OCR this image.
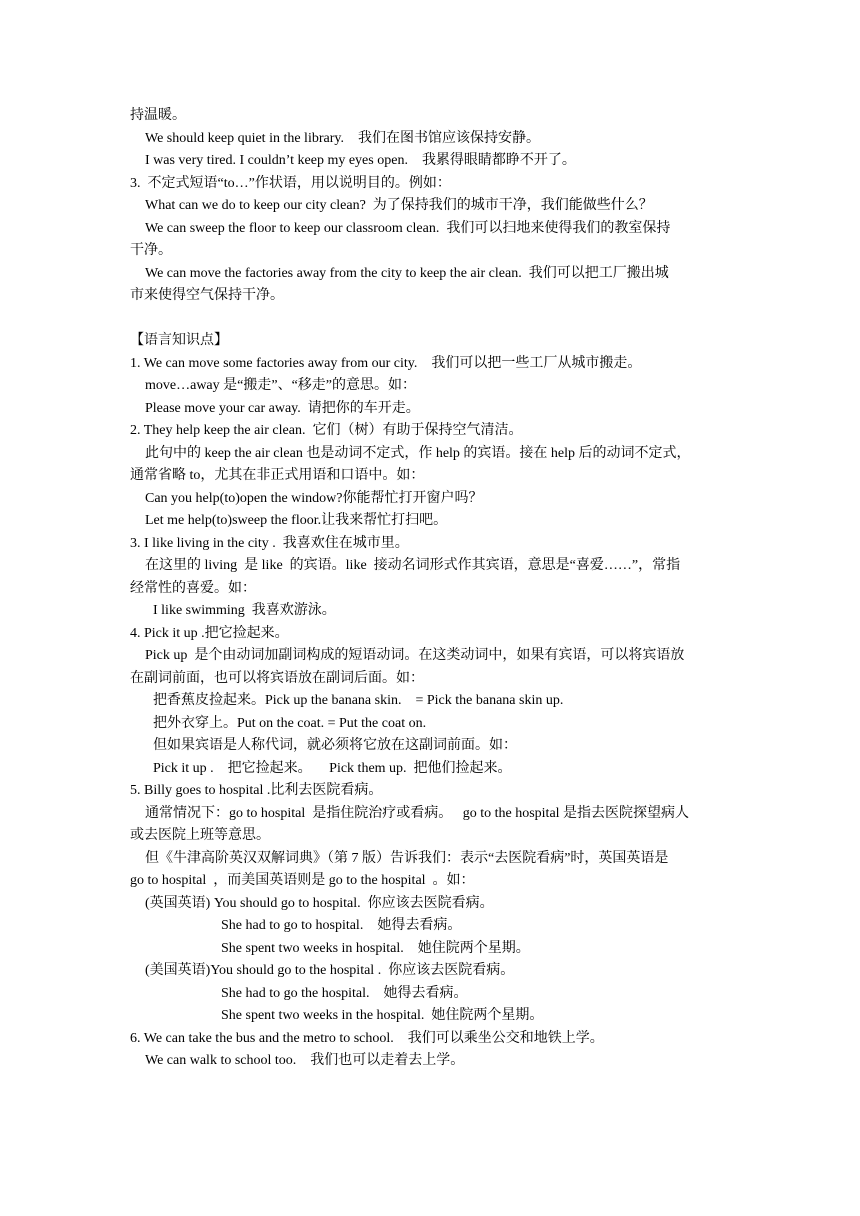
持温暖。
We should keep quiet in the library.    我们在图书馆应该保持安静。
I was very tired. I couldn’t keep my eyes open.    我累得眼睛都睁不开了。
3.  不定式短语“to…”作状语，用以说明目的。例如：
What can we do to keep our city clean?  为了保持我们的城市干净，我们能做些什么？
We can sweep the floor to keep our classroom clean.  我们可以扫地来使得我们的教室保持
干净。
We can move the factories away from the city to keep the air clean.  我们可以把工厂搬出城
市来使得空气保持干净。
【语言知识点】
1. We can move some factories away from our city.    我们可以把一些工厂从城市搬走。
move…away 是“搬走”、“移走”的意思。如：
Please move your car away.  请把你的车开走。
2. They help keep the air clean.  它们（树）有助于保持空气清洁。
此句中的 keep the air clean 也是动词不定式，作 help 的宾语。接在 help 后的动词不定式，
通常省略 to，尤其在非正式用语和口语中。如：
Can you help(to)open the window?你能帮忙打开窗户吗？
Let me help(to)sweep the floor.让我来帮忙打扫吧。
3. I like living in the city .  我喜欢住在城市里。
在这里的 living  是 like  的宾语。like  接动名词形式作其宾语，意思是“喜爱……”，常指
经常性的喜爱。如：
I like swimming  我喜欢游泳。
4. Pick it up .把它捡起来。
Pick up  是个由动词加副词构成的短语动词。在这类动词中，如果有宾语，可以将宾语放
在副词前面，也可以将宾语放在副词后面。如：
把香蕉皮捡起来。Pick up the banana skin.    = Pick the banana skin up.
把外衣穿上。Put on the coat. = Put the coat on.
但如果宾语是人称代词，就必须将它放在这副词前面。如：
Pick it up .    把它捡起来。     Pick them up.  把他们捡起来。
5. Billy goes to hospital .比利去医院看病。
通常情况下：go to hospital  是指住院治疗或看病。   go to the hospital 是指去医院探望病人
或去医院上班等意思。
但《牛津高阶英汉双解词典》（第 7 版）告诉我们：表示“去医院看病”时，英国英语是
go to hospital  ，而美国英语则是 go to the hospital  。如：
(英国英语) You should go to hospital.  你应该去医院看病。
She had to go to hospital.    她得去看病。
She spent two weeks in hospital.    她住院两个星期。
(美国英语)You should go to the hospital .  你应该去医院看病。
She had to go the hospital.    她得去看病。
She spent two weeks in the hospital.  她住院两个星期。
6. We can take the bus and the metro to school.    我们可以乘坐公交和地铁上学。
We can walk to school too.    我们也可以走着去上学。
